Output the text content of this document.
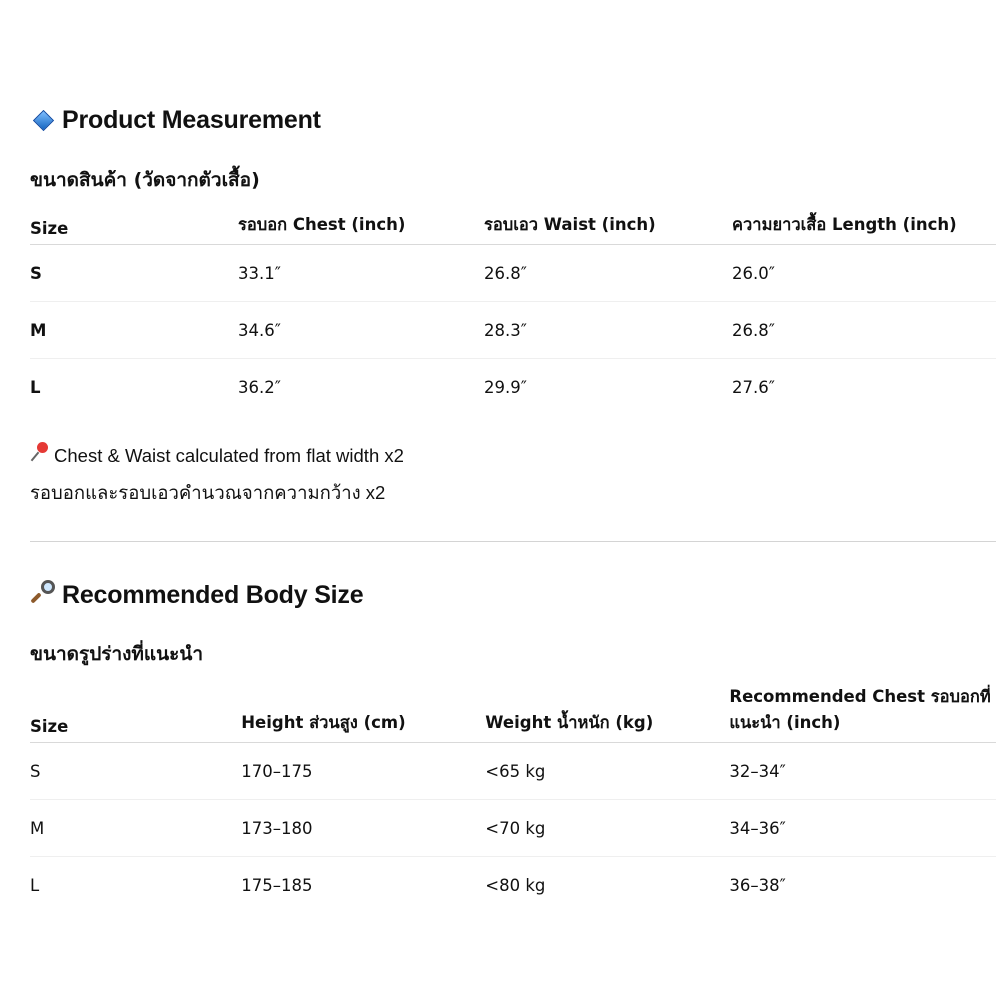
Product Measurement
ขนาดสินค้า (วัดจากตัวเสื้อ)
Size	รอบอก Chest (inch)	รอบเอว Waist (inch)	ความยาวเสื้อ Length (inch)
S	33.1″	26.8″	26.0″
M	34.6″	28.3″	26.8″
L	36.2″	29.9″	27.6″
Chest & Waist calculated from flat width x2
รอบอกและรอบเอวคำนวณจากความกว้าง x2
Recommended Body Size
ขนาดรูปร่างที่แนะนำ
Size	Height ส่วนสูง (cm)	Weight น้ำหนัก (kg)	Recommended Chest รอบอกที่แนะนำ (inch)
S	170–175	<65 kg	32–34″
M	173–180	<70 kg	34–36″
L	175–185	<80 kg	36–38″
